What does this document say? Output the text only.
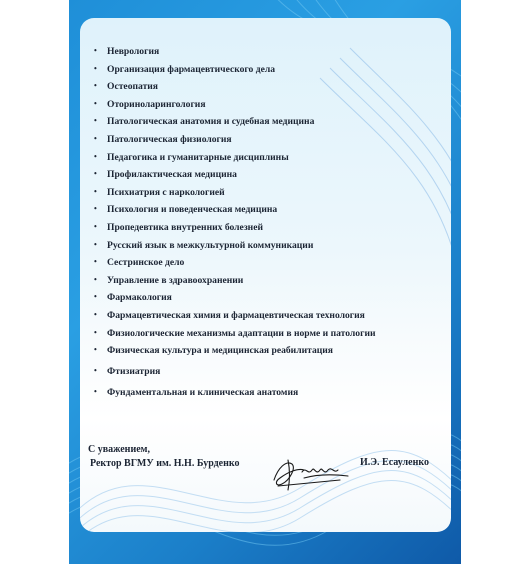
• Неврология
• Организация фармацевтического дела
• Остеопатия
• Оториноларингология
• Патологическая анатомия и судебная медицина
• Патологическая физиология
• Педагогика и гуманитарные дисциплины
• Профилактическая медицина
• Психиатрия с наркологией
• Психология и поведенческая медицина
• Пропедевтика внутренних болезней
• Русский язык в межкультурной коммуникации
• Сестринское дело
• Управление в здравоохранении
• Фармакология
• Фармацевтическая химия и фармацевтическая технология
• Физиологические механизмы адаптации в норме и патологии
• Физическая культура и медицинская реабилитация
• Фтизиатрия
• Фундаментальная и клиническая анатомия
С уважением,
Ректор ВГМУ им. Н.Н. Бурденко	И.Э. Есауленко
